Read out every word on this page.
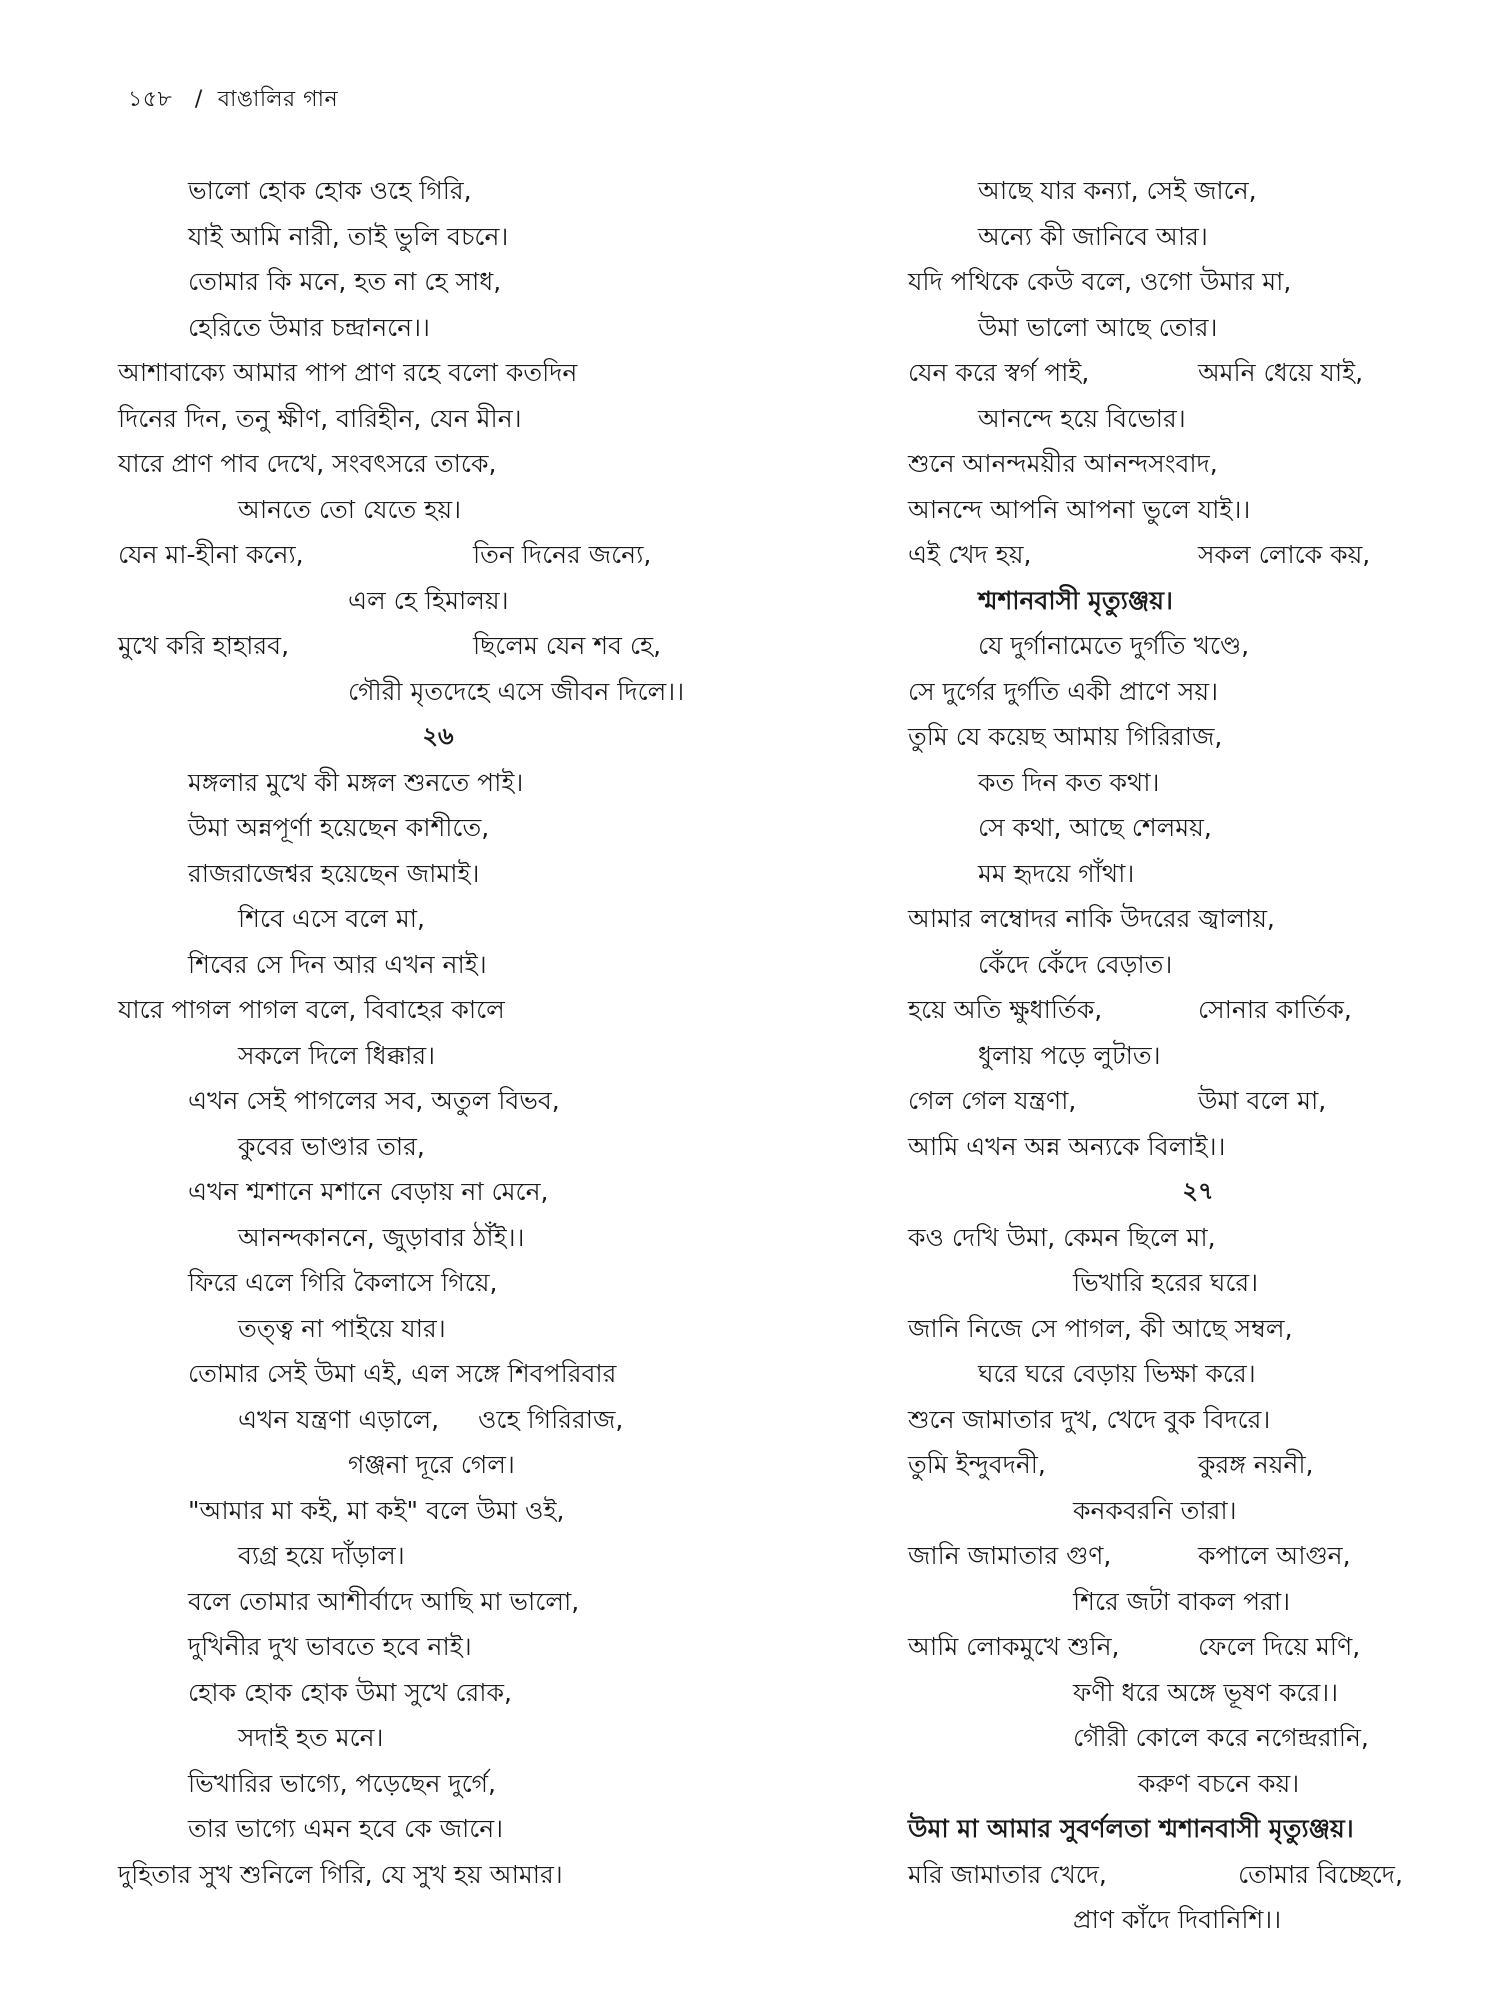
১৫৮ / বাঙালির গান
ভালো হোক হোক ওহে গিরি,
যাই আমি নারী, তাই ভুলি বচনে।
তোমার কি মনে, হত না হে সাধ,
হেরিতে উমার চন্দ্রাননে।।
আশাবাক্যে আমার পাপ প্রাণ রহে বলো কতদিন
দিনের দিন, তনু ক্ষীণ, বারিহীন, যেন মীন।
যারে প্রাণ পাব দেখে, সংবৎসরে তাকে,
আনতে তো যেতে হয়।
যেন মা-হীনা কন্যে,	তিন দিনের জন্যে,
এল হে হিমালয়।
মুখে করি হাহারব,	ছিলেম যেন শব হে,
গৌরী মৃতদেহে এসে জীবন দিলে।।
২৬
মঙ্গলার মুখে কী মঙ্গল শুনতে পাই।
উমা অন্নপূর্ণা হয়েছেন কাশীতে,
রাজরাজেশ্বর হয়েছেন জামাই।
শিবে এসে বলে মা,
শিবের সে দিন আর এখন নাই।
যারে পাগল পাগল বলে, বিবাহের কালে
সকলে দিলে ধিক্কার।
এখন সেই পাগলের সব, অতুল বিভব,
কুবের ভাণ্ডার তার,
এখন শ্মশানে মশানে বেড়ায় না মেনে,
আনন্দকাননে, জুড়াবার ঠাঁই।।
ফিরে এলে গিরি কৈলাসে গিয়ে,
তত্ত্ব না পাইয়ে যার।
তোমার সেই উমা এই, এল সঙ্গে শিবপরিবার
এখন যন্ত্রণা এড়ালে, ওহে গিরিরাজ,
গঞ্জনা দূরে গেল।
"আমার মা কই, মা কই" বলে উমা ওই,
ব্যগ্র হয়ে দাঁড়াল।
বলে তোমার আশীর্বাদে আছি মা ভালো,
দুখিনীর দুখ ভাবতে হবে নাই।
হোক হোক হোক উমা সুখে রোক,
সদাই হত মনে।
ভিখারির ভাগ্যে, পড়েছেন দুর্গে,
তার ভাগ্যে এমন হবে কে জানে।
দুহিতার সুখ শুনিলে গিরি, যে সুখ হয় আমার।
আছে যার কন্যা, সেই জানে,
অন্যে কী জানিবে আর।
যদি পথিকে কেউ বলে, ওগো উমার মা,
উমা ভালো আছে তোর।
যেন করে স্বর্গ পাই,	অমনি ধেয়ে যাই,
আনন্দে হয়ে বিভোর।
শুনে আনন্দময়ীর আনন্দসংবাদ,
আনন্দে আপনি আপনা ভুলে যাই।।
এই খেদ হয়,	সকল লোকে কয়,
শ্মশানবাসী মৃত্যুঞ্জয়।
যে দুর্গানামেতে দুর্গতি খণ্ডে,
সে দুর্গের দুর্গতি একী প্রাণে সয়।
তুমি যে কয়েছ আমায় গিরিরাজ,
কত দিন কত কথা।
সে কথা, আছে শেলময়,
মম হৃদয়ে গাঁথা।
আমার লম্বোদর নাকি উদরের জ্বালায়,
কেঁদে কেঁদে বেড়াত।
হয়ে অতি ক্ষুধার্তিক,	সোনার কার্তিক,
ধুলায় পড়ে লুটাত।
গেল গেল যন্ত্রণা,	উমা বলে মা,
আমি এখন অন্ন অন্যকে বিলাই।।
২৭
কও দেখি উমা, কেমন ছিলে মা,
ভিখারি হরের ঘরে।
জানি নিজে সে পাগল, কী আছে সম্বল,
ঘরে ঘরে বেড়ায় ভিক্ষা করে।
শুনে জামাতার দুখ, খেদে বুক বিদরে।
তুমি ইন্দুবদনী,	কুরঙ্গ নয়নী,
কনকবরনি তারা।
জানি জামাতার গুণ,	কপালে আগুন,
শিরে জটা বাকল পরা।
আমি লোকমুখে শুনি,	ফেলে দিয়ে মণি,
ফণী ধরে অঙ্গে ভূষণ করে।।
গৌরী কোলে করে নগেন্দ্ররানি,
করুণ বচনে কয়।
উমা মা আমার সুবর্ণলতা শ্মশানবাসী মৃত্যুঞ্জয়।
মরি জামাতার খেদে,	তোমার বিচ্ছেদে,
প্রাণ কাঁদে দিবানিশি।।
